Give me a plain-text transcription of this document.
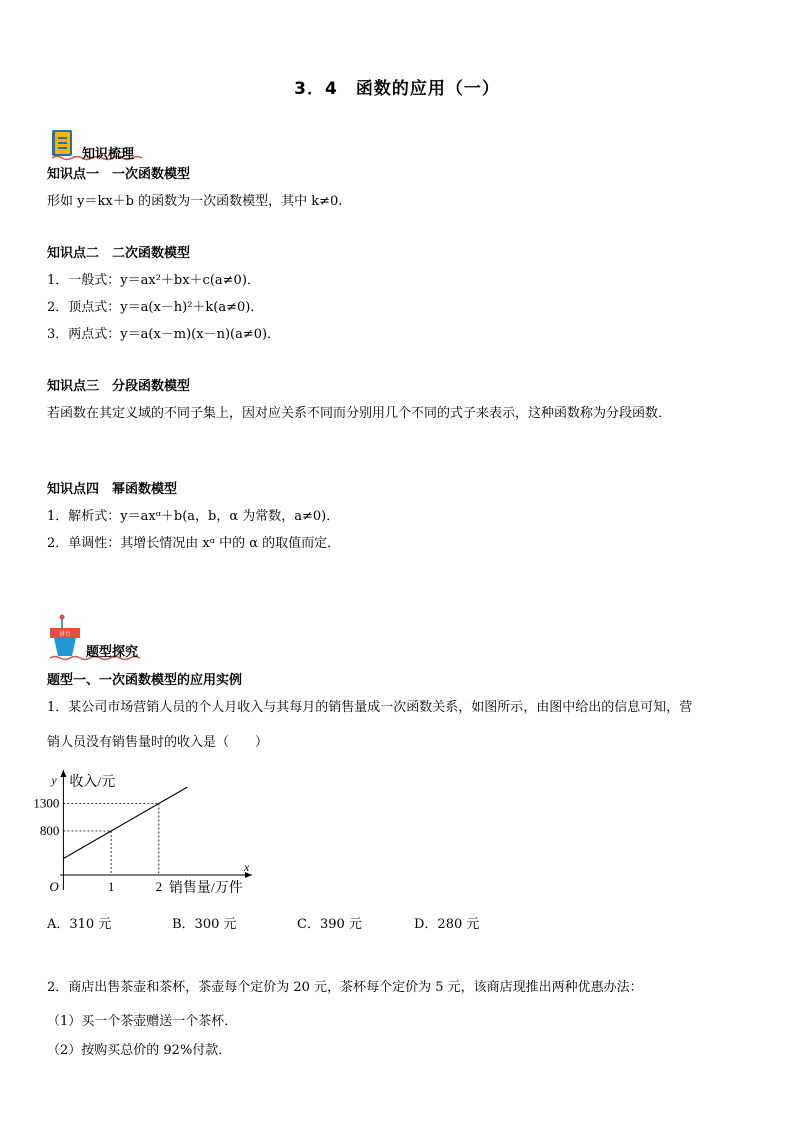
3．4　函数的应用（一）
知识梳理
知识点一　一次函数模型
形如 y＝kx＋b 的函数为一次函数模型，其中 k≠0.
知识点二　二次函数模型
1．一般式：y＝ax²＋bx＋c(a≠0)．
2．顶点式：y＝a(x－h)²＋k(a≠0)．
3．两点式：y＝a(x－m)(x－n)(a≠0)．
知识点三　分段函数模型
若函数在其定义域的不同子集上，因对应关系不同而分别用几个不同的式子来表示，这种函数称为分段函数．
知识点四　幂函数模型
1．解析式：y＝axᵅ＋b(a，b，α 为常数，a≠0)．
2．单调性：其增长情况由 xᵅ 中的 α 的取值而定．
讲台
题型探究
题型一、一次函数模型的应用实例
1．某公司市场营销人员的个人月收入与其每月的销售量成一次函数关系，如图所示，由图中给出的信息可知，营
销人员没有销售量时的收入是（　　）
800
1300
1	2
O
y
x
收入/元
销售量/万件
A．310 元	B．300 元	C．390 元	D．280 元
2．商店出售茶壶和茶杯，茶壶每个定价为 20 元，茶杯每个定价为 5 元，该商店现推出两种优惠办法：
（1）买一个茶壶赠送一个茶杯．
（2）按购买总价的 92%付款．
